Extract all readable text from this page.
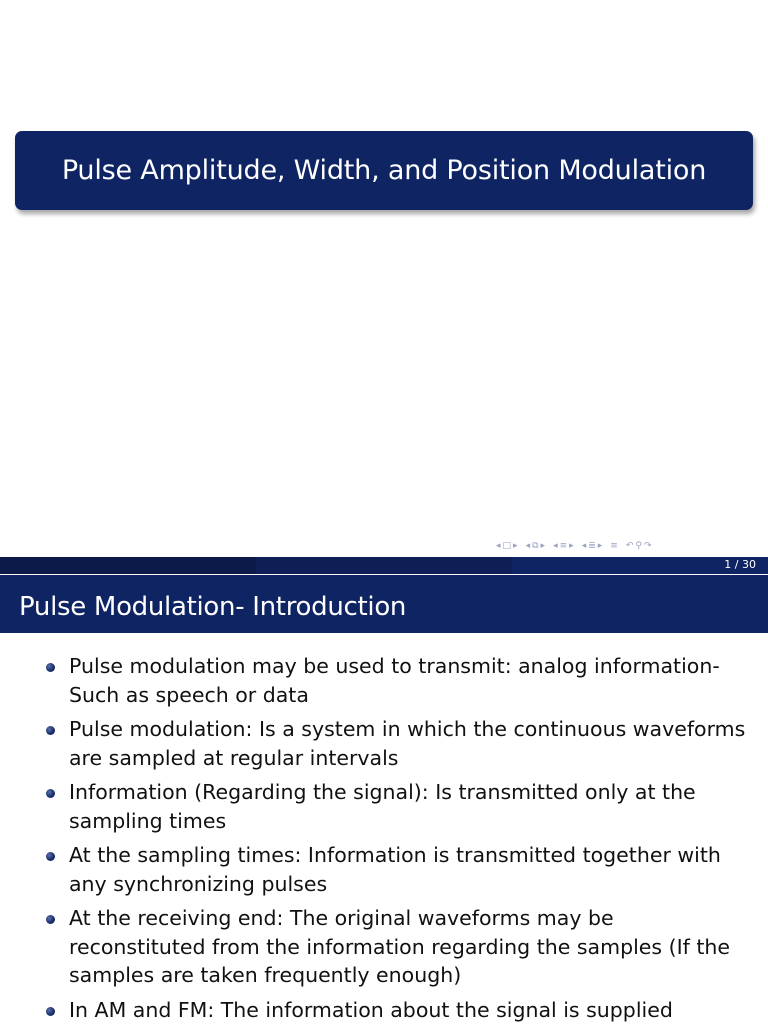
Pulse Amplitude, Width, and Position Modulation
◂ □ ▸ ◂ ⧉ ▸ ◂ ≡ ▸ ◂ ≣ ▸ ≡ ↶ ⚲ ↷
1 / 30
Pulse Modulation- Introduction
Pulse modulation may be used to transmit: analog information- Such as speech or data
Pulse modulation: Is a system in which the continuous waveforms are sampled at regular intervals
Information (Regarding the signal): Is transmitted only at the sampling times
At the sampling times: Information is transmitted together with any synchronizing pulses
At the receiving end: The original waveforms may be reconstituted from the information regarding the samples (If the samples are taken frequently enough)
In AM and FM: The information about the signal is supplied
